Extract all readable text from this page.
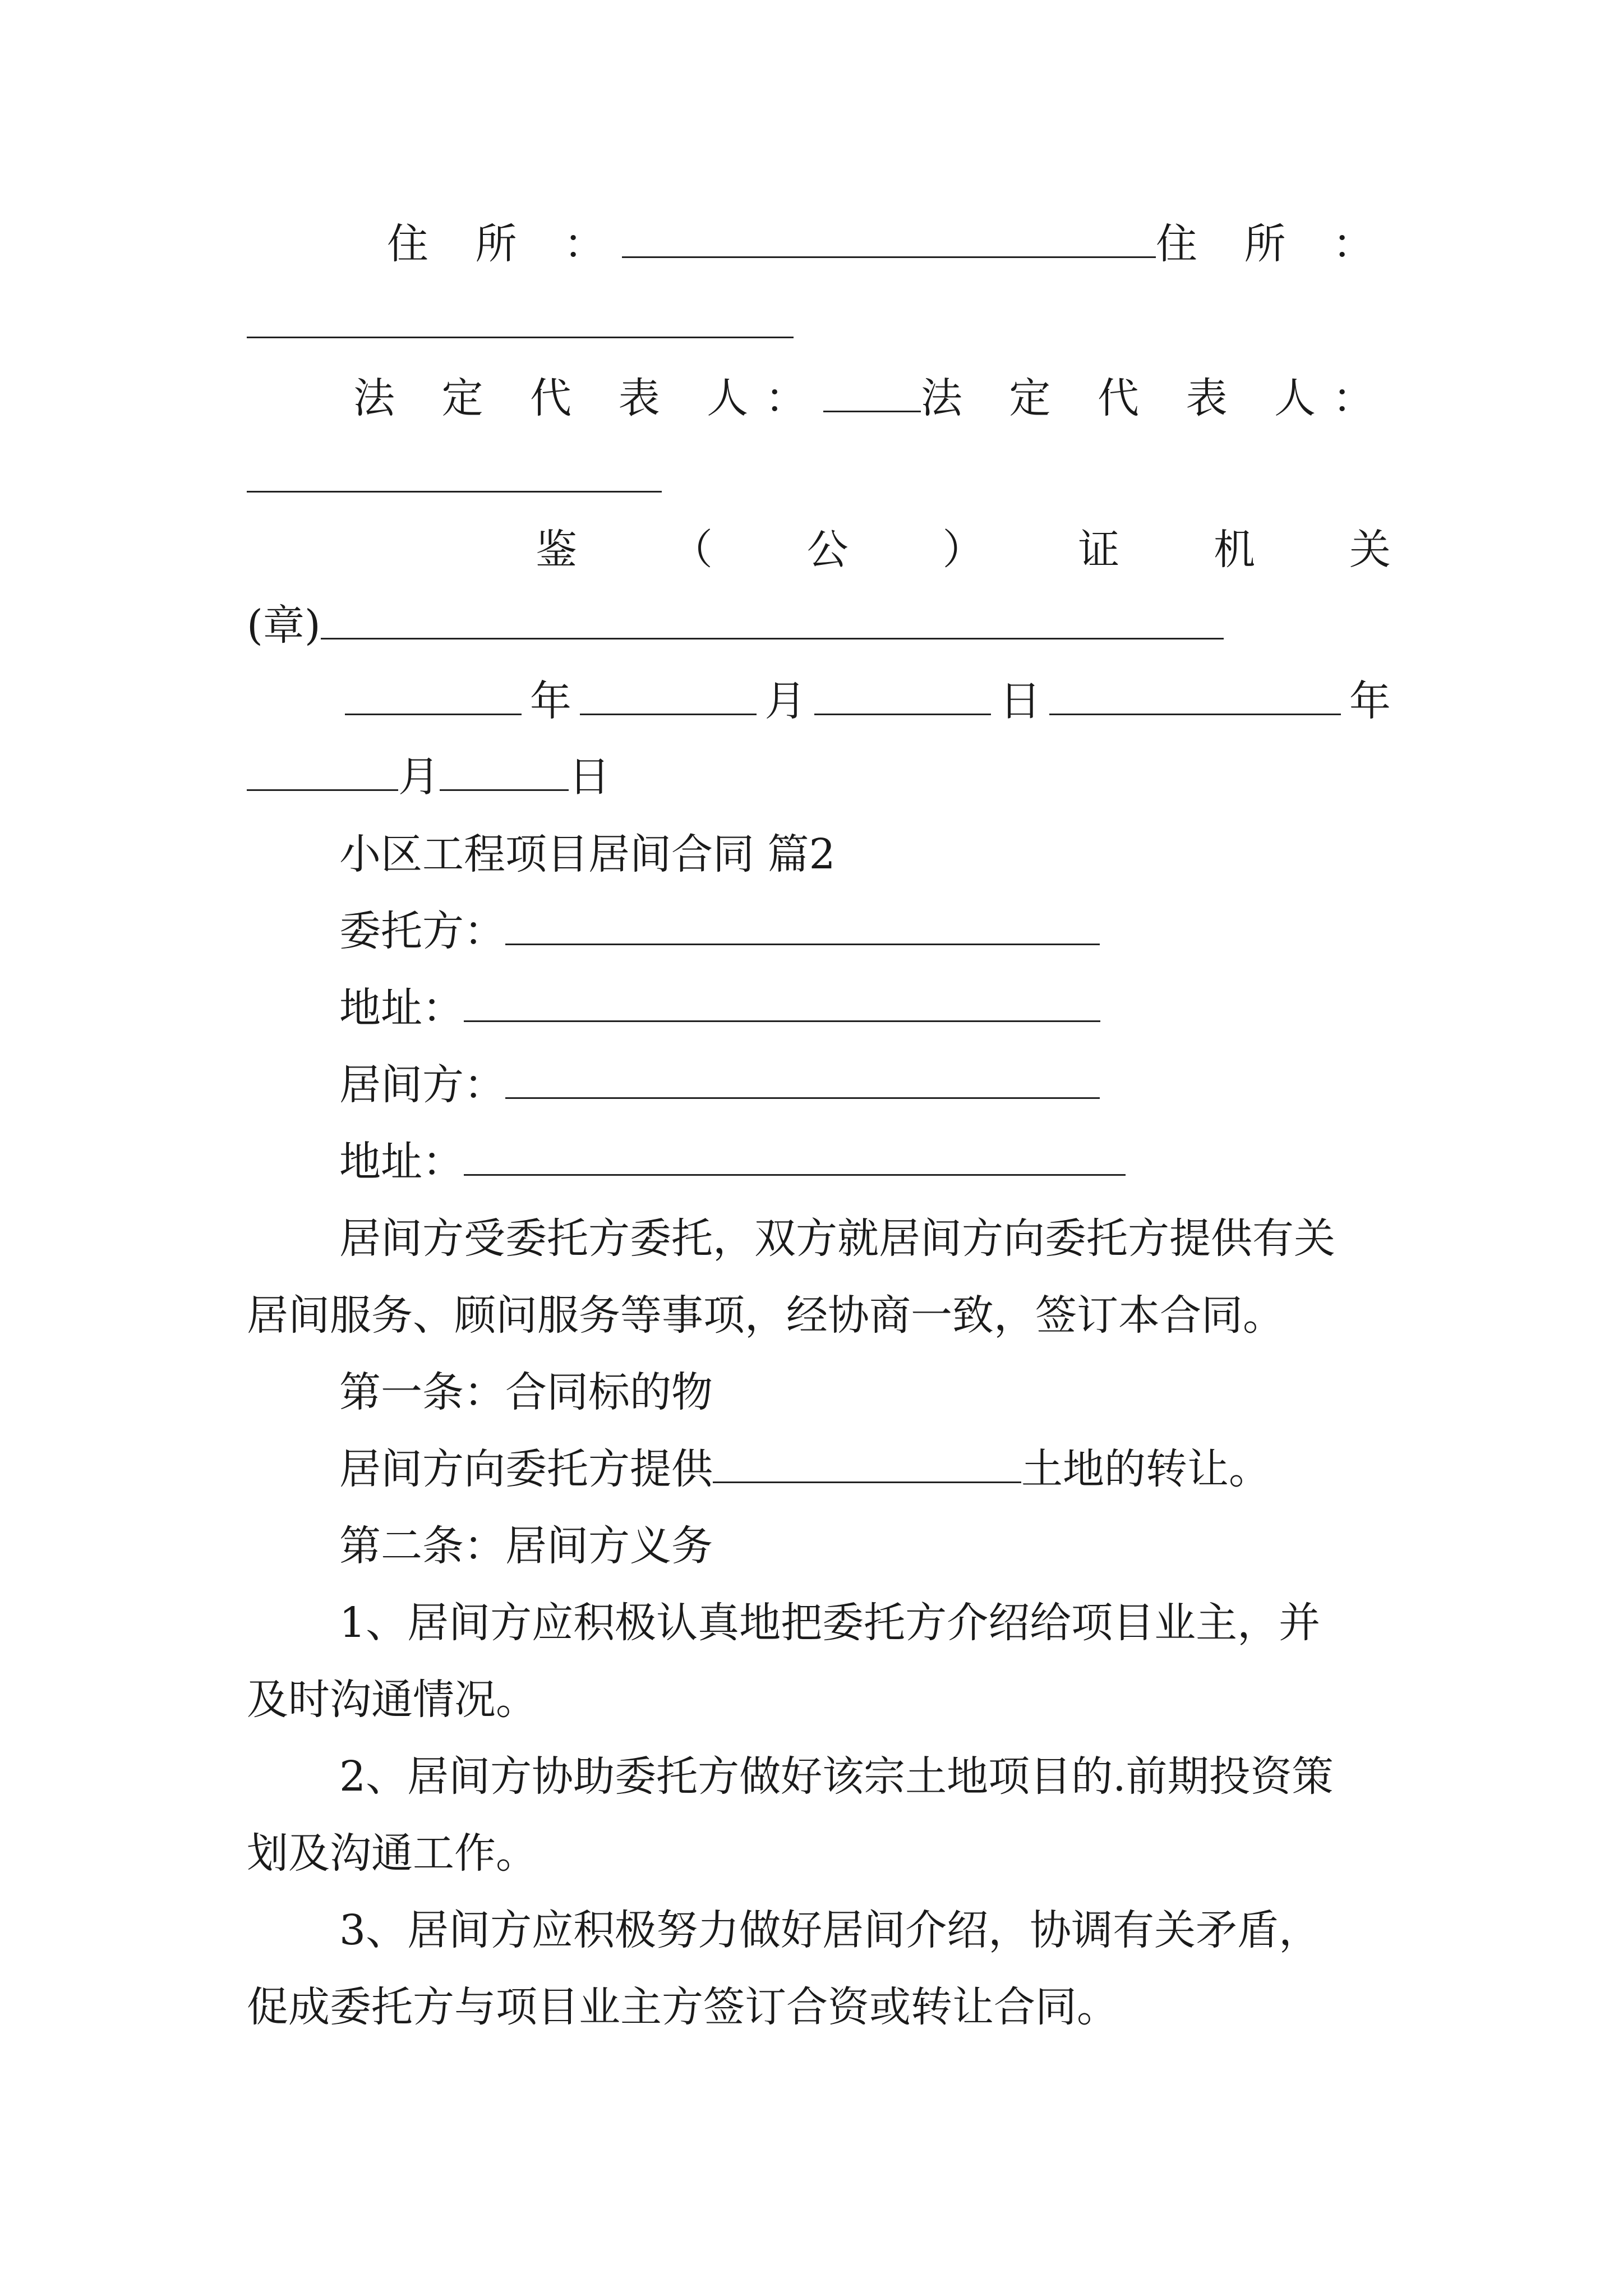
住 所 ：	住 所 ：
法 定 代 表 人： 法 定 代 表 人：
鉴 （ 公 ） 证 机 关
(章)
年	月	日	年
月	日
小区工程项目居间合同 篇2
委托方：
地址：
居间方：
地址：
居间方受委托方委托，双方就居间方向委托方提供有关
居间服务、顾问服务等事项，经协商一致，签订本合同。
第一条：合同标的物
居间方向委托方提供	土地的转让。
第二条：居间方义务
1、居间方应积极认真地把委托方介绍给项目业主，并
及时沟通情况。
2、居间方协助委托方做好该宗土地项目的.前期投资策
划及沟通工作。
3、居间方应积极努力做好居间介绍，协调有关矛盾，
促成委托方与项目业主方签订合资或转让合同。
